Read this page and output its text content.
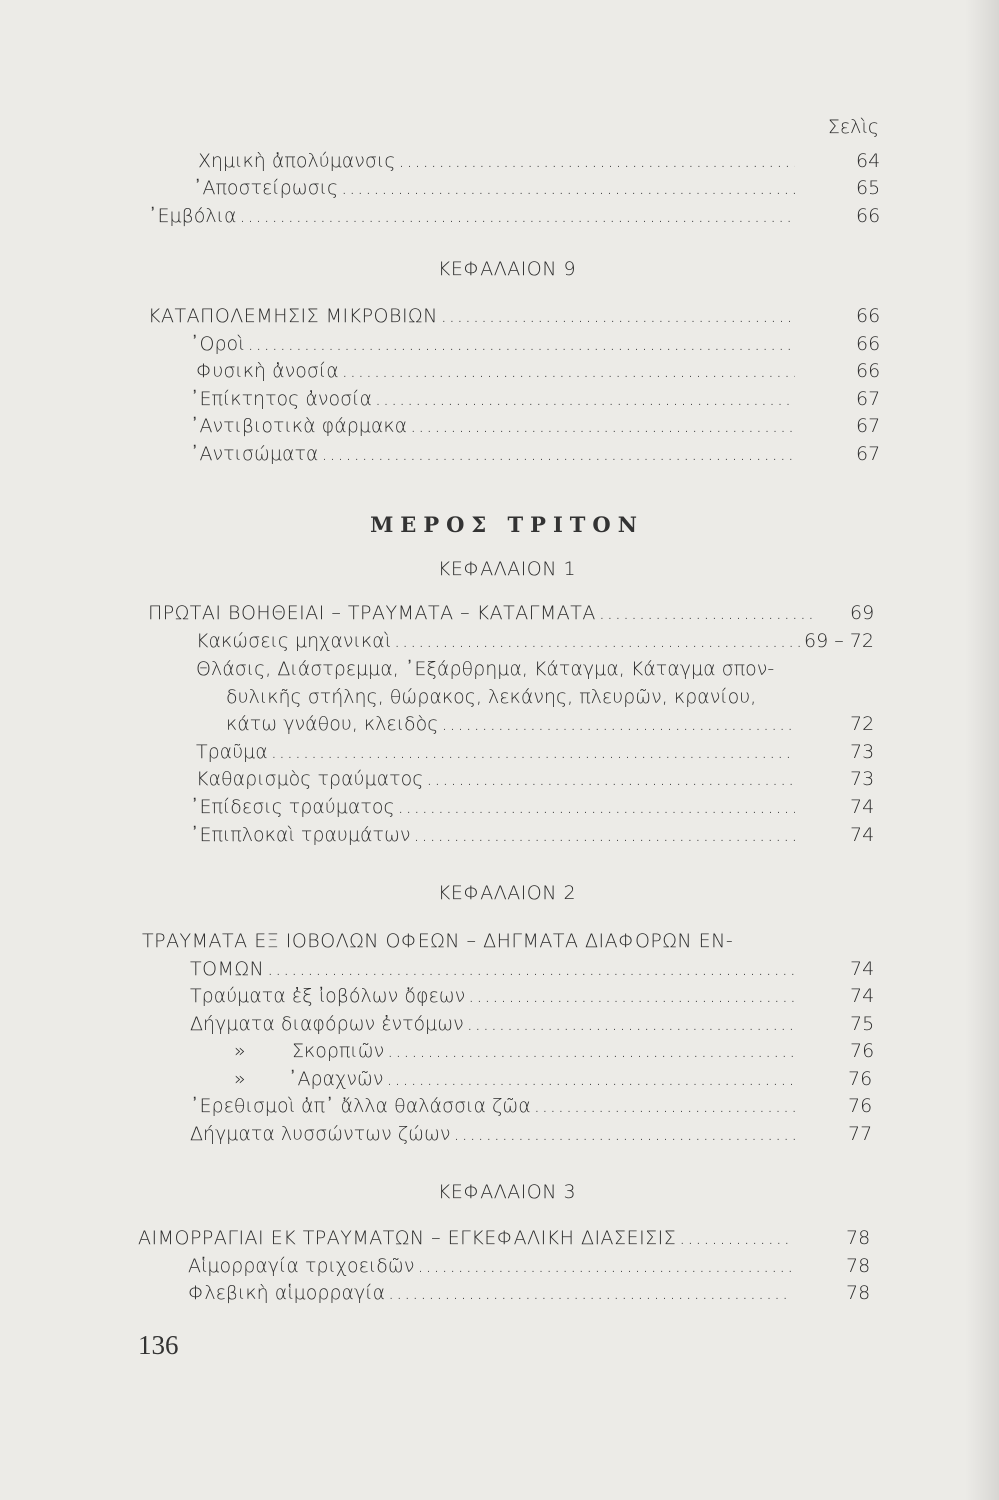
Σελὶς
Χημικὴ ἀπολύμανσις .....	64
᾿Αποστείρωσις .....	65
᾿Εμβόλια .....	66
ΚΕΦΑΛΑΙΟΝ 9
ΚΑΤΑΠΟΛΕΜΗΣΙΣ ΜΙΚΡΟΒΙΩΝ .....	66
᾿Ορoὶ .....	66
Φυσικὴ ἀνοσία .....	66
᾿Επίκτητος ἀνοσία .....	67
᾿Αντιβιοτικὰ φάρμακα .....	67
᾿Αντισώματα .....	67
ΜΕΡΟΣ ΤΡΙΤΟΝ
ΚΕΦΑΛΑΙΟΝ 1
ΠΡΩΤΑΙ ΒΟΗΘΕΙΑΙ – ΤΡΑΥΜΑΤΑ – ΚΑΤΑΓΜΑΤΑ .....	69
Κακώσεις μηχανικαὶ .....	69 – 72
Θλάσις, Διάστρεμμα, ᾿Εξάρθρημα, Κάταγμα, Κάταγμα σπον-
δυλικῆς στήλης, θώρακος, λεκάνης, πλευρῶν, κρανίου,
κάτω γνάθου, κλειδὸς .....	72
Τραῦμα .....	73
Καθαρισμὸς τραύματος .....	73
᾿Επίδεσις τραύματος .....	74
᾿Επιπλοκαὶ τραυμάτων .....	74
ΚΕΦΑΛΑΙΟΝ 2
ΤΡΑΥΜΑΤΑ ΕΞ ΙΟΒΟΛΩΝ ΟΦΕΩΝ – ΔΗΓΜΑΤΑ ΔΙΑΦΟΡΩΝ ΕΝ-
ΤΟΜΩΝ .....	74
Τραύματα ἐξ ἰοβόλων ὄφεων .....	74
Δήγματα διαφόρων ἐντόμων .....	75
» Σκορπιῶν .....	76
» ᾿Αραχνῶν .....	76
᾿Ερεθισμοὶ ἀπ᾿ ἄλλα θαλάσσια ζῶα .....	76
Δήγματα λυσσώντων ζώων .....	77
ΚΕΦΑΛΑΙΟΝ 3
ΑΙΜΟΡΡΑΓΙΑΙ ΕΚ ΤΡΑΥΜΑΤΩΝ – ΕΓΚΕΦΑΛΙΚΗ ΔΙΑΣΕΙΣΙΣ .....	78
Αἱμορραγία τριχοειδῶν .....	78
Φλεβικὴ αἱμορραγία .....	78
136
